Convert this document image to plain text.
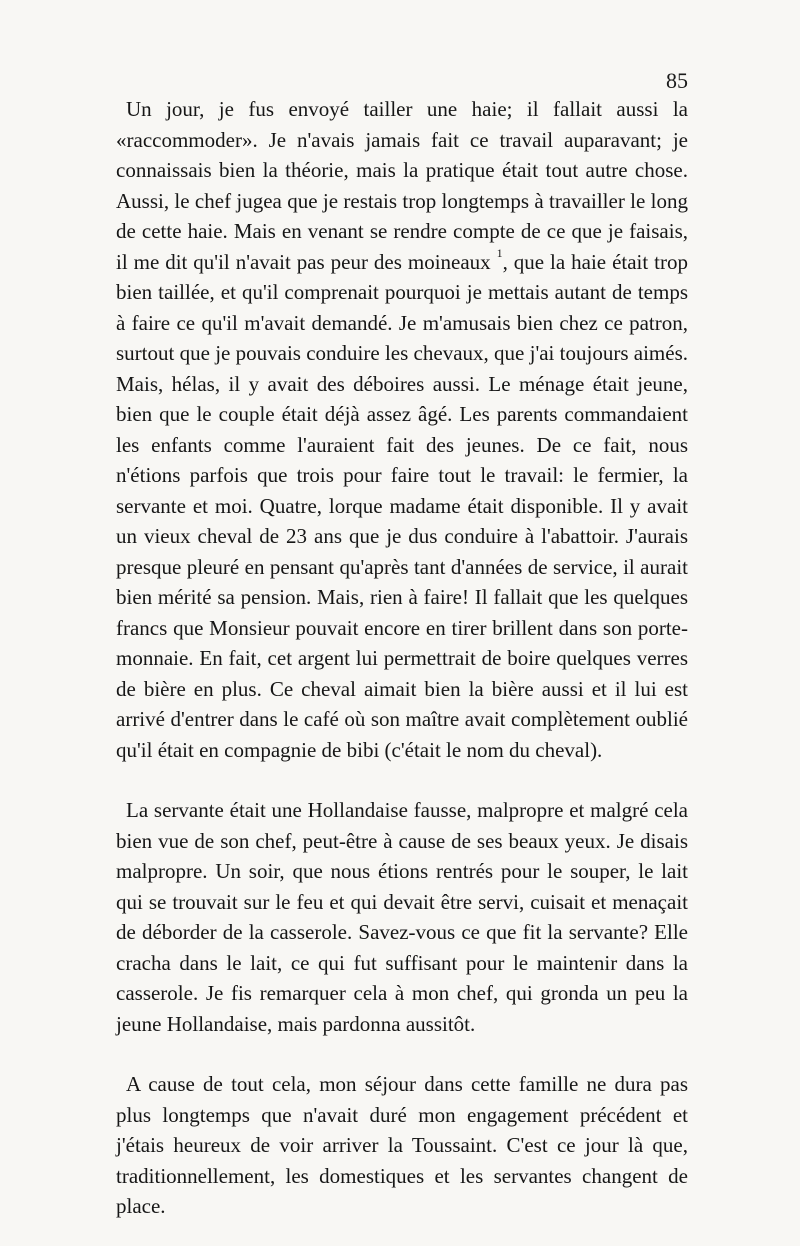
85

Un jour, je fus envoyé tailler une haie; il fallait aussi la «raccommoder». Je n'avais jamais fait ce travail auparavant; je connaissais bien la théorie, mais la pratique était tout autre chose. Aussi, le chef jugea que je restais trop longtemps à travailler le long de cette haie. Mais en venant se rendre compte de ce que je faisais, il me dit qu'il n'avait pas peur des moineaux $^1$, que la haie était trop bien taillée, et qu'il comprenait pourquoi je mettais autant de temps à faire ce qu'il m'avait demandé. Je m'amusais bien chez ce patron, surtout que je pouvais conduire les chevaux, que j'ai toujours aimés. Mais, hélas, il y avait des déboires aussi. Le ménage était jeune, bien que le couple était déjà assez âgé. Les parents commandaient les enfants comme l'auraient fait des jeunes. De ce fait, nous n'étions parfois que trois pour faire tout le travail: le fermier, la servante et moi. Quatre, lorque madame était disponible. Il y avait un vieux cheval de 23 ans que je dus conduire à l'abattoir. J'aurais presque pleuré en pensant qu'après tant d'années de service, il aurait bien mérité sa pension. Mais, rien à faire! Il fallait que les quelques francs que Monsieur pouvait encore en tirer brillent dans son porte-monnaie. En fait, cet argent lui permettrait de boire quelques verres de bière en plus. Ce cheval aimait bien la bière aussi et il lui est arrivé d'entrer dans le café où son maître avait complètement oublié qu'il était en compagnie de bibi (c'était le nom du cheval).

La servante était une Hollandaise fausse, malpropre et malgré cela bien vue de son chef, peut-être à cause de ses beaux yeux. Je disais malpropre. Un soir, que nous étions rentrés pour le souper, le lait qui se trouvait sur le feu et qui devait être servi, cuisait et menaçait de déborder de la casserole. Savez-vous ce que fit la servante? Elle cracha dans le lait, ce qui fut suffisant pour le maintenir dans la casserole. Je fis remarquer cela à mon chef, qui gronda un peu la jeune Hollandaise, mais pardonna aussitôt.

A cause de tout cela, mon séjour dans cette famille ne dura pas plus longtemps que n'avait duré mon engagement précédent et j'étais heureux de voir arriver la Toussaint. C'est ce jour là que, traditionnellement, les domestiques et les servantes changent de place.
